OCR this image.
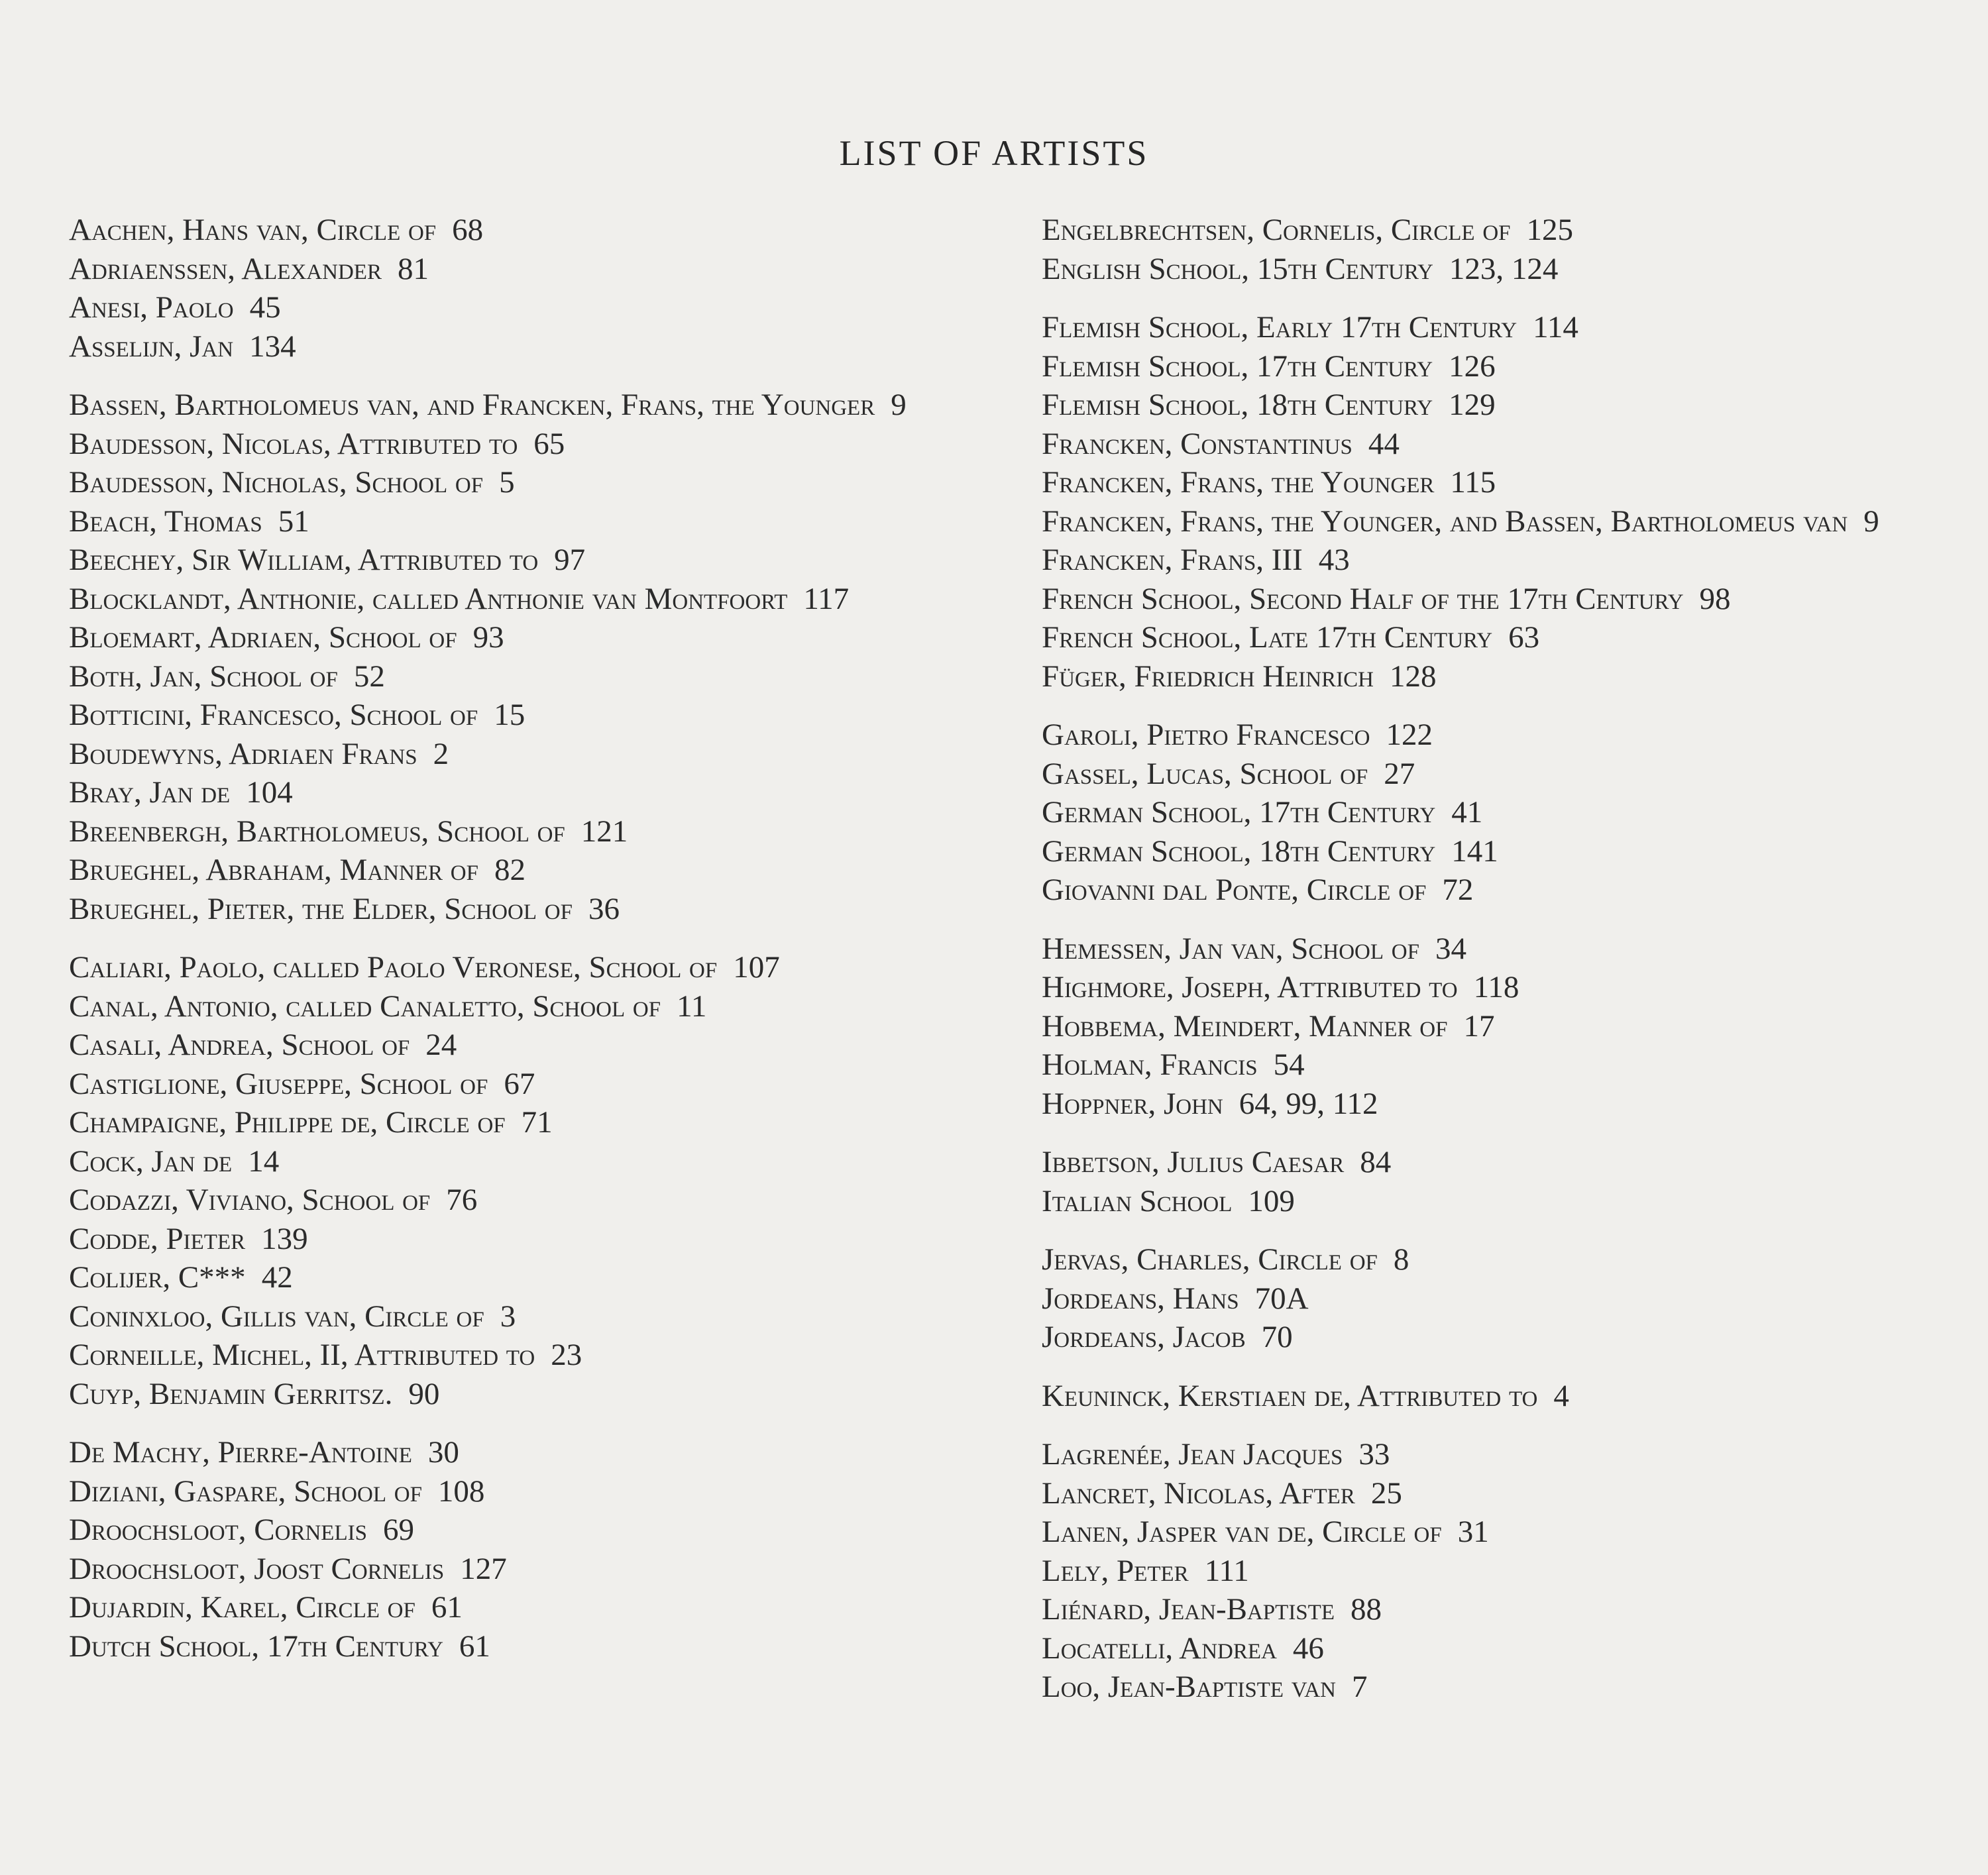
LIST OF ARTISTS
Aachen, Hans van, Circle of 68
Adriaenssen, Alexander 81
Anesi, Paolo 45
Asselijn, Jan 134
Bassen, Bartholomeus van, and Francken, Frans, the Younger 9
Baudesson, Nicolas, Attributed to 65
Baudesson, Nicholas, School of 5
Beach, Thomas 51
Beechey, Sir William, Attributed to 97
Blocklandt, Anthonie, called Anthonie van Montfoort 117
Bloemart, Adriaen, School of 93
Both, Jan, School of 52
Botticini, Francesco, School of 15
Boudewyns, Adriaen Frans 2
Bray, Jan de 104
Breenbergh, Bartholomeus, School of 121
Brueghel, Abraham, Manner of 82
Brueghel, Pieter, the Elder, School of 36
Caliari, Paolo, called Paolo Veronese, School of 107
Canal, Antonio, called Canaletto, School of 11
Casali, Andrea, School of 24
Castiglione, Giuseppe, School of 67
Champaigne, Philippe de, Circle of 71
Cock, Jan de 14
Codazzi, Viviano, School of 76
Codde, Pieter 139
Colijer, C*** 42
Coninxloo, Gillis van, Circle of 3
Corneille, Michel, II, Attributed to 23
Cuyp, Benjamin Gerritsz. 90
De Machy, Pierre-Antoine 30
Diziani, Gaspare, School of 108
Droochsloot, Cornelis 69
Droochsloot, Joost Cornelis 127
Dujardin, Karel, Circle of 61
Dutch School, 17th Century 61
Engelbrechtsen, Cornelis, Circle of 125
English School, 15th Century 123, 124
Flemish School, Early 17th Century 114
Flemish School, 17th Century 126
Flemish School, 18th Century 129
Francken, Constantinus 44
Francken, Frans, the Younger 115
Francken, Frans, the Younger, and Bassen, Bartholomeus van 9
Francken, Frans, III 43
French School, Second Half of the 17th Century 98
French School, Late 17th Century 63
Füger, Friedrich Heinrich 128
Garoli, Pietro Francesco 122
Gassel, Lucas, School of 27
German School, 17th Century 41
German School, 18th Century 141
Giovanni dal Ponte, Circle of 72
Hemessen, Jan van, School of 34
Highmore, Joseph, Attributed to 118
Hobbema, Meindert, Manner of 17
Holman, Francis 54
Hoppner, John 64, 99, 112
Ibbetson, Julius Caesar 84
Italian School 109
Jervas, Charles, Circle of 8
Jordeans, Hans 70A
Jordeans, Jacob 70
Keuninck, Kerstiaen de, Attributed to 4
Lagrenée, Jean Jacques 33
Lancret, Nicolas, After 25
Lanen, Jasper van de, Circle of 31
Lely, Peter 111
Liénard, Jean-Baptiste 88
Locatelli, Andrea 46
Loo, Jean-Baptiste van 7
